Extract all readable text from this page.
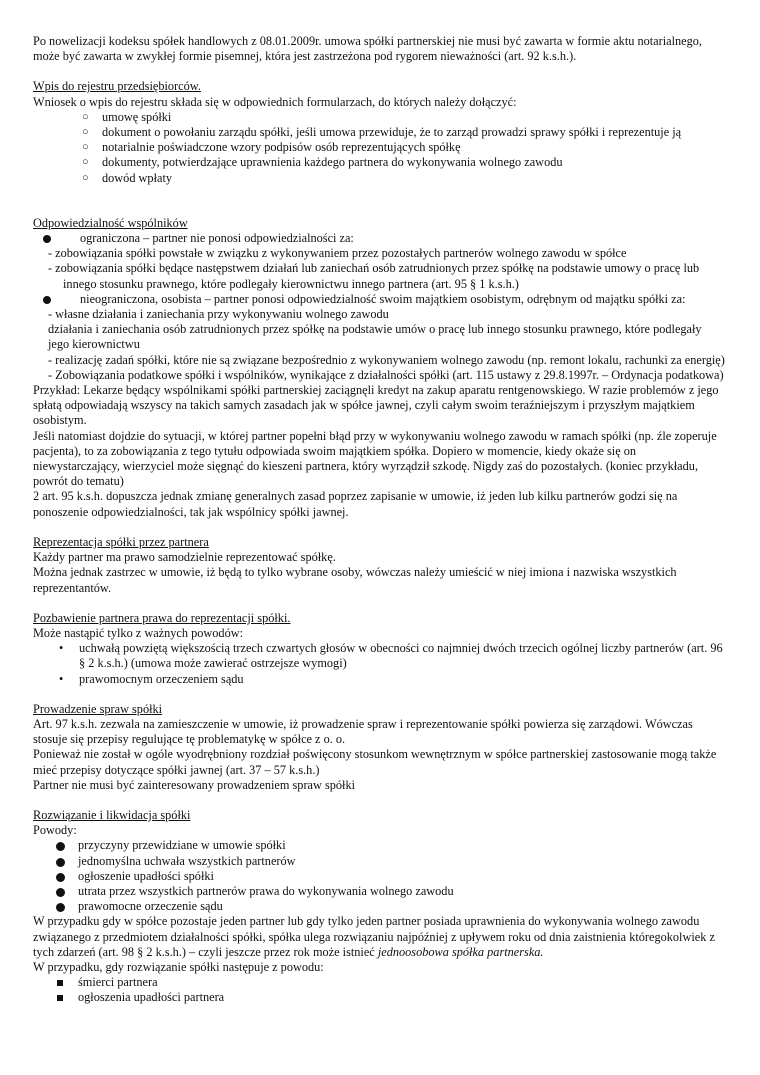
Po nowelizacji kodeksu spółek handlowych z 08.01.2009r. umowa spółki partnerskiej nie musi być zawarta w formie aktu notarialnego, może być zawarta w zwykłej formie pisemnej, która jest zastrzeżona pod rygorem nieważności (art. 92 k.s.h.).

Wpis do rejestru przedsiębiorców.

Wniosek o wpis do rejestru składa się w odpowiednich formularzach, do których należy dołączyć:

○ umowę spółki
○ dokument o powołaniu zarządu spółki, jeśli umowa przewiduje, że to zarząd prowadzi sprawy spółki i reprezentuje ją
○ notarialnie poświadczone wzory podpisów osób reprezentujących spółkę
○ dokumenty, potwierdzające uprawnienia każdego partnera do wykonywania wolnego zawodu
○ dowód wpłaty

Odpowiedzialność wspólników

ograniczona – partner nie ponosi odpowiedzialności za:

- zobowiązania spółki powstałe w związku z wykonywaniem przez pozostałych partnerów wolnego zawodu w spółce

- zobowiązania spółki będące następstwem działań lub zaniechań osób zatrudnionych przez spółkę na podstawie umowy o pracę lub innego stosunku prawnego, które podlegały kierownictwu innego partnera (art. 95 § 1 k.s.h.)

nieograniczona, osobista – partner ponosi odpowiedzialność swoim majątkiem osobistym, odrębnym od majątku spółki za:

- własne działania i zaniechania przy wykonywaniu wolnego zawodu

działania i zaniechania osób zatrudnionych przez spółkę na podstawie umów o pracę lub innego stosunku prawnego, które podlegały jego kierownictwu

- realizację zadań spółki, które nie są związane bezpośrednio z wykonywaniem wolnego zawodu (np. remont lokalu, rachunki za energię)

- Zobowiązania podatkowe spółki i wspólników, wynikające z działalności spółki (art. 115 ustawy z 29.8.1997r. – Ordynacja podatkowa)

Przykład: Lekarze będący wspólnikami spółki partnerskiej zaciągnęli kredyt na zakup aparatu rentgenowskiego. W razie problemów z jego spłatą odpowiadają wszyscy na takich samych zasadach jak w spółce jawnej, czyli całym swoim teraźniejszym i przyszłym majątkiem osobistym.

Jeśli natomiast dojdzie do sytuacji, w której partner popełni błąd przy w wykonywaniu wolnego zawodu w ramach spółki (np. źle zoperuje pacjenta), to za zobowiązania z tego tytułu odpowiada swoim majątkiem spółka. Dopiero w momencie, kiedy okaże się on niewystarczający, wierzyciel może sięgnąć do kieszeni partnera, który wyrządził szkodę. Nigdy zaś do pozostałych. (koniec przykładu, powrót do tematu)

2 art. 95 k.s.h. dopuszcza jednak zmianę generalnych zasad poprzez zapisanie w umowie, iż jeden lub kilku partnerów godzi się na ponoszenie odpowiedzialności, tak jak wspólnicy spółki jawnej.

Reprezentacja spółki przez partnera

Każdy partner ma prawo samodzielnie reprezentować spółkę.

Można jednak zastrzec w umowie, iż będą to tylko wybrane osoby, wówczas należy umieścić w niej imiona i nazwiska wszystkich reprezentantów.

Pozbawienie partnera prawa do reprezentacji spółki.

Może nastąpić tylko z ważnych powodów:

• uchwałą powziętą większością trzech czwartych głosów w obecności co najmniej dwóch trzecich ogólnej liczby partnerów (art. 96 § 2 k.s.h.) (umowa może zawierać ostrzejsze wymogi)
• prawomocnym orzeczeniem sądu

Prowadzenie spraw spółki

Art. 97 k.s.h. zezwala na zamieszczenie w umowie, iż prowadzenie spraw i reprezentowanie spółki powierza się zarządowi. Wówczas stosuje się przepisy regulujące tę problematykę w spółce z o. o.

Ponieważ nie został w ogóle wyodrębniony rozdział poświęcony stosunkom wewnętrznym w spółce partnerskiej zastosowanie mogą także mieć przepisy dotyczące spółki jawnej (art. 37 – 57 k.s.h.)

Partner nie musi być zainteresowany prowadzeniem spraw spółki

Rozwiązanie i likwidacja spółki

Powody:

przyczyny przewidziane w umowie spółki
jednomyślna uchwała wszystkich partnerów
ogłoszenie upadłości spółki
utrata przez wszystkich partnerów prawa do wykonywania wolnego zawodu
prawomocne orzeczenie sądu

W przypadku gdy w spółce pozostaje jeden partner lub gdy tylko jeden partner posiada uprawnienia do wykonywania wolnego zawodu związanego z przedmiotem działalności spółki, spółka ulega rozwiązaniu najpóźniej z upływem roku od dnia zaistnienia któregokolwiek z tych zdarzeń (art. 98 § 2 k.s.h.) – czyli jeszcze przez rok może istnieć jednoosobowa spółka partnerska.

W przypadku, gdy rozwiązanie spółki następuje z powodu:

śmierci partnera
ogłoszenia upadłości partnera
